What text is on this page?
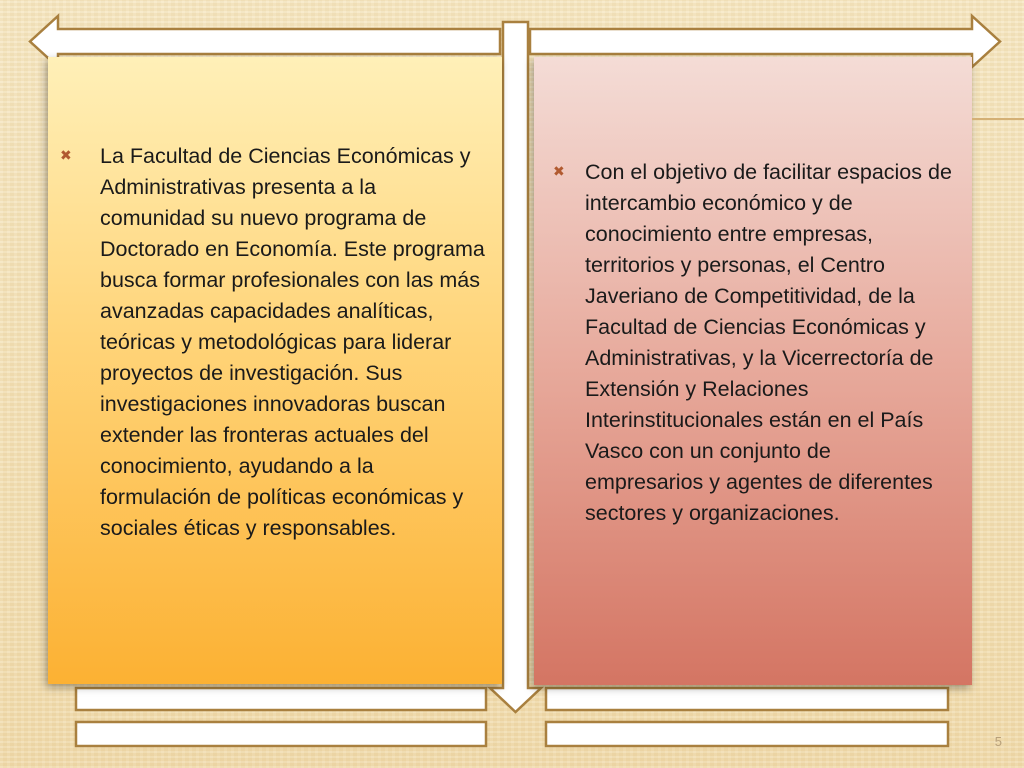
✖	La Facultad de Ciencias Económicas y Administrativas presenta a la comunidad su nuevo programa de Doctorado en Economía. Este programa busca formar profesionales con las más avanzadas capacidades analíticas, teóricas y metodológicas para liderar proyectos de investigación. Sus investigaciones innovadoras buscan extender las fronteras actuales del conocimiento, ayudando a la formulación de políticas económicas y sociales éticas y responsables.

✖ Con el objetivo de facilitar espacios de intercambio económico y de conocimiento entre empresas, territorios y personas, el Centro Javeriano de Competitividad, de la Facultad de Ciencias Económicas y Administrativas, y la Vicerrectoría de Extensión y Relaciones Interinstitucionales están en el País Vasco con un conjunto de empresarios y agentes de diferentes sectores y organizaciones.

5
